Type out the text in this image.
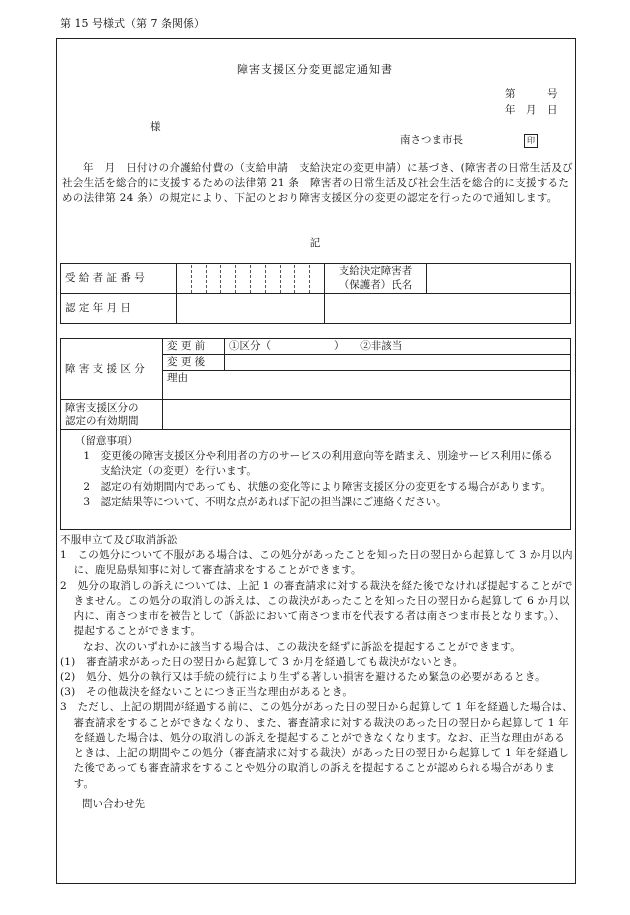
第 15 号様式（第 7 条関係）
障害支援区分変更認定通知書
第　　　号
年　月　日
様
南さつま市長	印
年　月　日付けの介護給付費の（支給申請　支給決定の変更申請）に基づき、(障害者の日常生活及び社会生活を総合的に支援するための法律第 21 条　障害者の日常生活及び社会生活を総合的に支援するための法律第 24 条）の規定により、下記のとおり障害支援区分の変更の認定を行ったので通知します。
記
受 給 者 証 番 号		支給決定障害者
（保護者）氏名	

認 定 年 月 日			
障 害 支 援 区 分	変 更 前	①区分（　　　　　　）　　②非該当
	変 更 後	
	理由	

障害支援区分の
認定の有効期間		

（留意事項）

1　変更後の障害支援区分や利用者の方のサービスの利用意向等を踏まえ、別途サービス利用に係る支給決定（の変更）を行います。

2　認定の有効期間内であっても、状態の変化等により障害支援区分の変更をする場合があります。

3　認定結果等について、不明な点があれば下記の担当課にご連絡ください。

不服申立て及び取消訴訟

1　この処分について不服がある場合は、この処分があったことを知った日の翌日から起算して 3 か月以内に、鹿児島県知事に対して審査請求をすることができます。

2　処分の取消しの訴えについては、上記 1 の審査請求に対する裁決を経た後でなければ提起することができません。この処分の取消しの訴えは、この裁決があったことを知った日の翌日から起算して 6 か月以内に、南さつま市を被告として（訴訟において南さつま市を代表する者は南さつま市長となります。）、提起することができます。

なお、次のいずれかに該当する場合は、この裁決を経ずに訴訟を提起することができます。

(1)　審査請求があった日の翌日から起算して 3 か月を経過しても裁決がないとき。

(2)　処分、処分の執行又は手続の続行により生ずる著しい損害を避けるため緊急の必要があるとき。

(3)　その他裁決を経ないことにつき正当な理由があるとき。

3　ただし、上記の期間が経過する前に、この処分があった日の翌日から起算して 1 年を経過した場合は、審査請求をすることができなくなり、また、審査請求に対する裁決のあった日の翌日から起算して 1 年を経過した場合は、処分の取消しの訴えを提起することができなくなります。なお、正当な理由があるときは、上記の期間やこの処分（審査請求に対する裁決）があった日の翌日から起算して 1 年を経過した後であっても審査請求をすることや処分の取消しの訴えを提起することが認められる場合があります。

問い合わせ先
